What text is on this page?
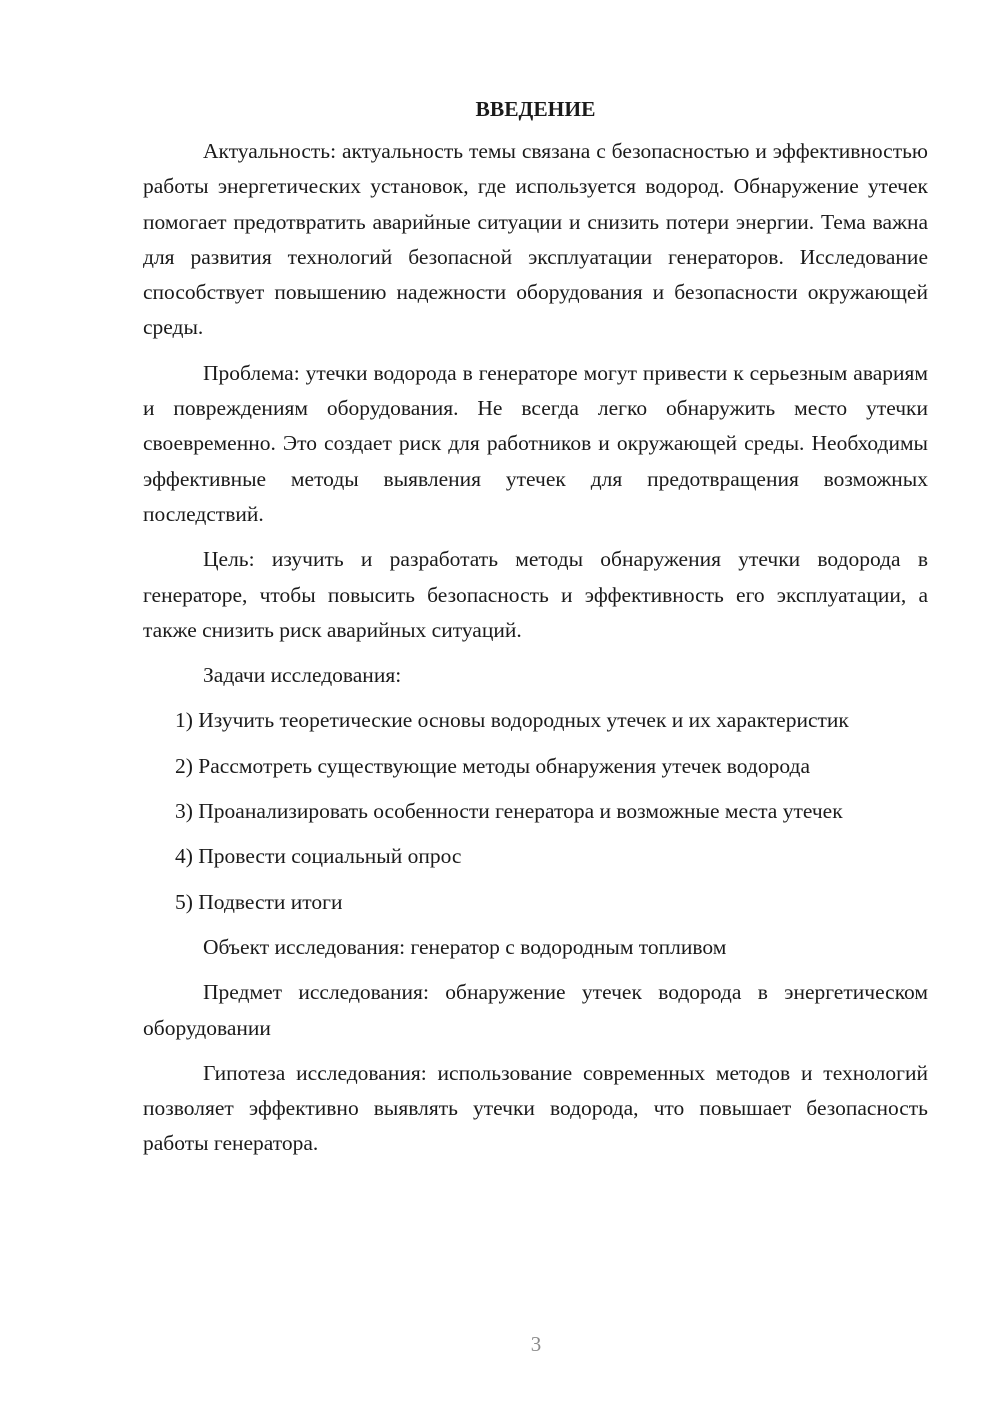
ВВЕДЕНИЕ

Актуальность: актуальность темы связана с безопасностью и эффективностью работы энергетических установок, где используется водород. Обнаружение утечек помогает предотвратить аварийные ситуации и снизить потери энергии. Тема важна для развития технологий безопасной эксплуатации генераторов. Исследование способствует повышению надежности оборудования и безопасности окружающей среды.

Проблема: утечки водорода в генераторе могут привести к серьезным авариям и повреждениям оборудования. Не всегда легко обнаружить место утечки своевременно. Это создает риск для работников и окружающей среды. Необходимы эффективные методы выявления утечек для предотвращения возможных последствий.

Цель: изучить и разработать методы обнаружения утечки водорода в генераторе, чтобы повысить безопасность и эффективность его эксплуатации, а также снизить риск аварийных ситуаций.

Задачи исследования:

1) Изучить теоретические основы водородных утечек и их характеристик

2) Рассмотреть существующие методы обнаружения утечек водорода

3) Проанализировать особенности генератора и возможные места утечек

4) Провести социальный опрос

5) Подвести итоги

Объект исследования: генератор с водородным топливом

Предмет исследования: обнаружение утечек водорода в энергетическом оборудовании

Гипотеза исследования: использование современных методов и технологий позволяет эффективно выявлять утечки водорода, что повышает безопасность работы генератора.

3
